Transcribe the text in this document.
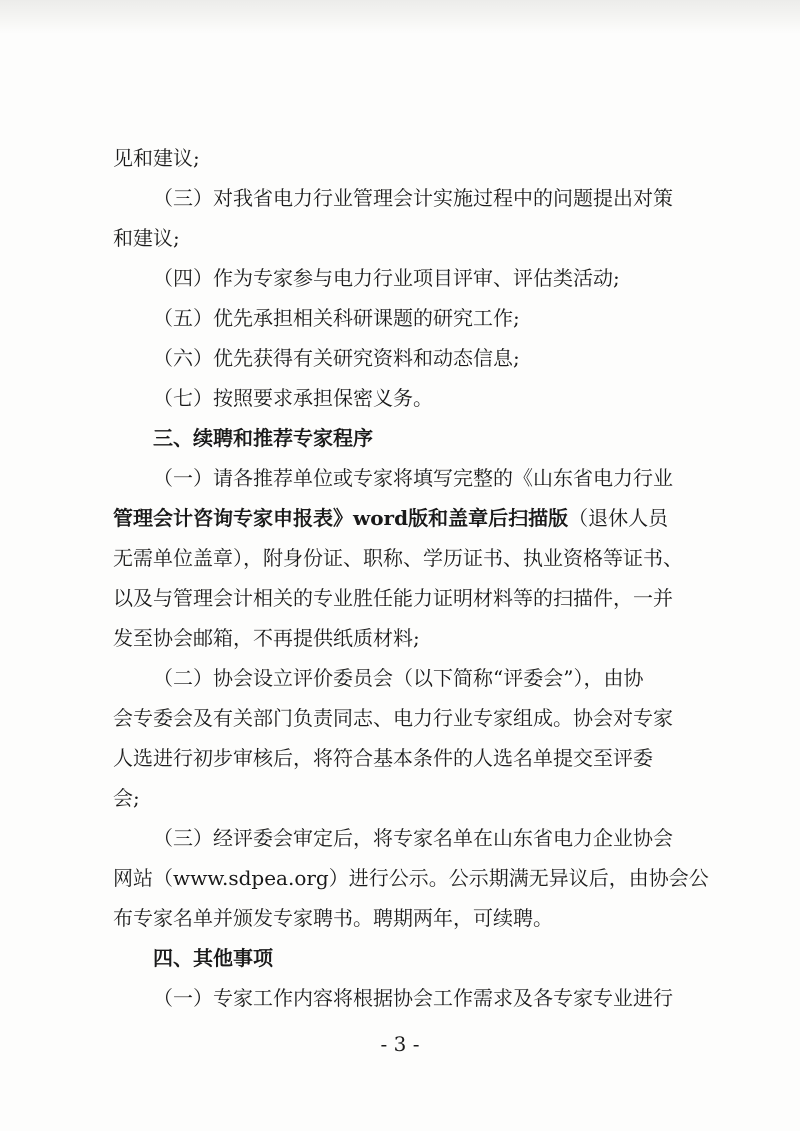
见和建议;
（三）对我省电力行业管理会计实施过程中的问题提出对策
和建议;
（四）作为专家参与电力行业项目评审、评估类活动;
（五）优先承担相关科研课题的研究工作;
（六）优先获得有关研究资料和动态信息;
（七）按照要求承担保密义务。
三、续聘和推荐专家程序
（一）请各推荐单位或专家将填写完整的《山东省电力行业
管理会计咨询专家申报表》word版和盖章后扫描版（退休人员
无需单位盖章），附身份证、职称、学历证书、执业资格等证书、
以及与管理会计相关的专业胜任能力证明材料等的扫描件，一并
发至协会邮箱，不再提供纸质材料;
（二）协会设立评价委员会（以下简称“评委会”），由协
会专委会及有关部门负责同志、电力行业专家组成。协会对专家
人选进行初步审核后，将符合基本条件的人选名单提交至评委
会;
（三）经评委会审定后，将专家名单在山东省电力企业协会
网站（www.sdpea.org）进行公示。公示期满无异议后，由协会公
布专家名单并颁发专家聘书。聘期两年，可续聘。
四、其他事项
（一）专家工作内容将根据协会工作需求及各专家专业进行
- 3 -
